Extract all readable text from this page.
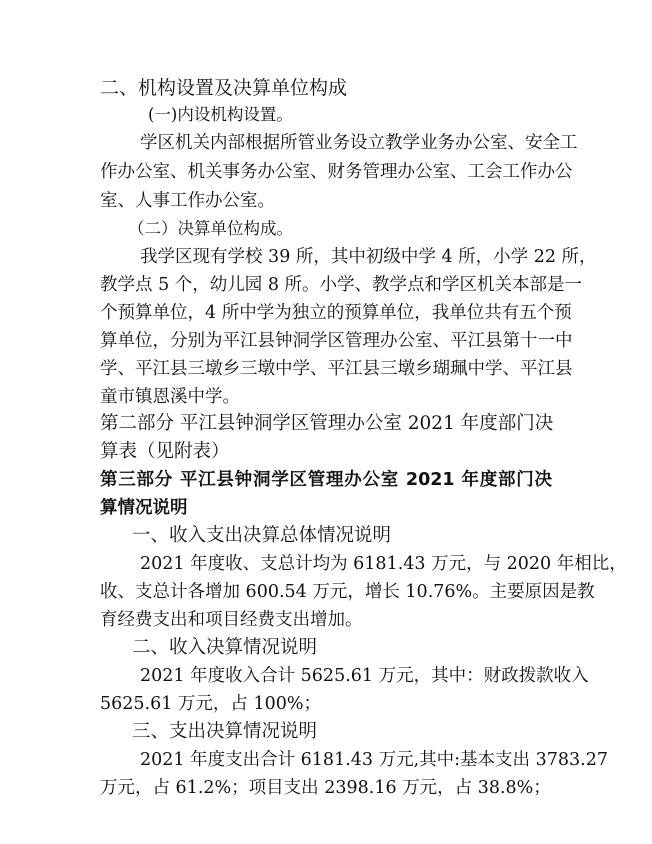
二、机构设置及决算单位构成
(一)内设机构设置。
学区机关内部根据所管业务设立教学业务办公室、安全工
作办公室、机关事务办公室、财务管理办公室、工会工作办公
室、人事工作办公室。
（二）决算单位构成。
我学区现有学校 39 所，其中初级中学 4 所，小学 22 所，
教学点 5 个，幼儿园 8 所。小学、教学点和学区机关本部是一
个预算单位，4 所中学为独立的预算单位，我单位共有五个预
算单位，分别为平江县钟洞学区管理办公室、平江县第十一中
学、平江县三墩乡三墩中学、平江县三墩乡瑚珮中学、平江县
童市镇恩溪中学。
第二部分 平江县钟洞学区管理办公室 2021 年度部门决
算表（见附表）
第三部分 平江县钟洞学区管理办公室 2021 年度部门决
算情况说明
一、收入支出决算总体情况说明
2021 年度收、支总计均为 6181.43 万元，与 2020 年相比，
收、支总计各增加 600.54 万元，增长 10.76%。主要原因是教
育经费支出和项目经费支出增加。
二、收入决算情况说明
2021 年度收入合计 5625.61 万元，其中：财政拨款收入
5625.61 万元，占 100%；
三、支出决算情况说明
2021 年度支出合计 6181.43 万元,其中:基本支出 3783.27
万元，占 61.2%；项目支出 2398.16 万元，占 38.8%；
